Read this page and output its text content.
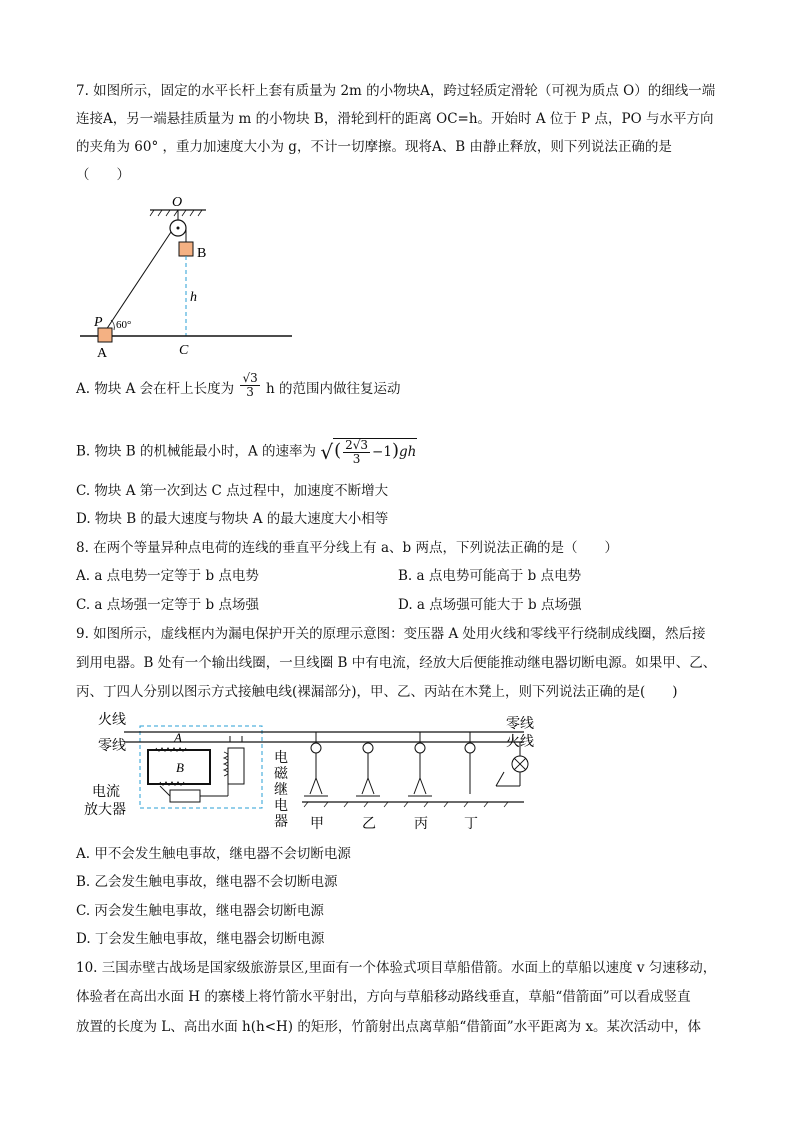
7. 如图所示，固定的水平长杆上套有质量为 2m 的小物块A，跨过轻质定滑轮（可视为质点 O）的细线一端
连接A，另一端悬挂质量为 m 的小物块 B，滑轮到杆的距离 OC=h。开始时 A 位于 P 点，PO 与水平方向
的夹角为 60° ，重力加速度大小为 g，不计一切摩擦。现将A、B 由静止释放，则下列说法正确的是
（　　）
O
B
h
P 60°
A	C
A. 物块 A 会在杆上长度为 $\frac{√3}{3}$ h 的范围内做往复运动
B. 物块 B 的机械能最小时，A 的速率为 √( $\frac{2√3}{3} -1)gh$
C. 物块 A 第一次到达 C 点过程中，加速度不断增大
D. 物块 B 的最大速度与物块 A 的最大速度大小相等
8. 在两个等量异种点电荷的连线的垂直平分线上有 a、b 两点，下列说法正确的是（　　）
A. a 点电势一定等于 b 点电势	B. a 点电势可能高于 b 点电势
C. a 点场强一定等于 b 点场强	D. a 点场强可能大于 b 点场强
9. 如图所示，虚线框内为漏电保护开关的原理示意图：变压器 A 处用火线和零线平行绕制成线圈，然后接
到用电器。B 处有一个输出线圈，一旦线圈 B 中有电流，经放大后便能推动继电器切断电源。如果甲、乙、
丙、丁四人分别以图示方式接触电线(裸漏部分)，甲、乙、丙站在木凳上，则下列说法正确的是(　　)
火线
零线
A
B
电流
放大器
电
磁
继
电
器
零线
火线
甲	乙	丙	丁
A. 甲不会发生触电事故，继电器不会切断电源
B. 乙会发生触电事故，继电器不会切断电源
C. 丙会发生触电事故，继电器会切断电源
D. 丁会发生触电事故，继电器会切断电源
10. 三国赤壁古战场是国家级旅游景区,里面有一个体验式项目草船借箭。水面上的草船以速度 v 匀速移动，
体验者在高出水面 H 的寨楼上将竹箭水平射出，方向与草船移动路线垂直，草船“借箭面”可以看成竖直
放置的长度为 L、高出水面 h(h<H) 的矩形，竹箭射出点离草船“借箭面”水平距离为 x。某次活动中，体
